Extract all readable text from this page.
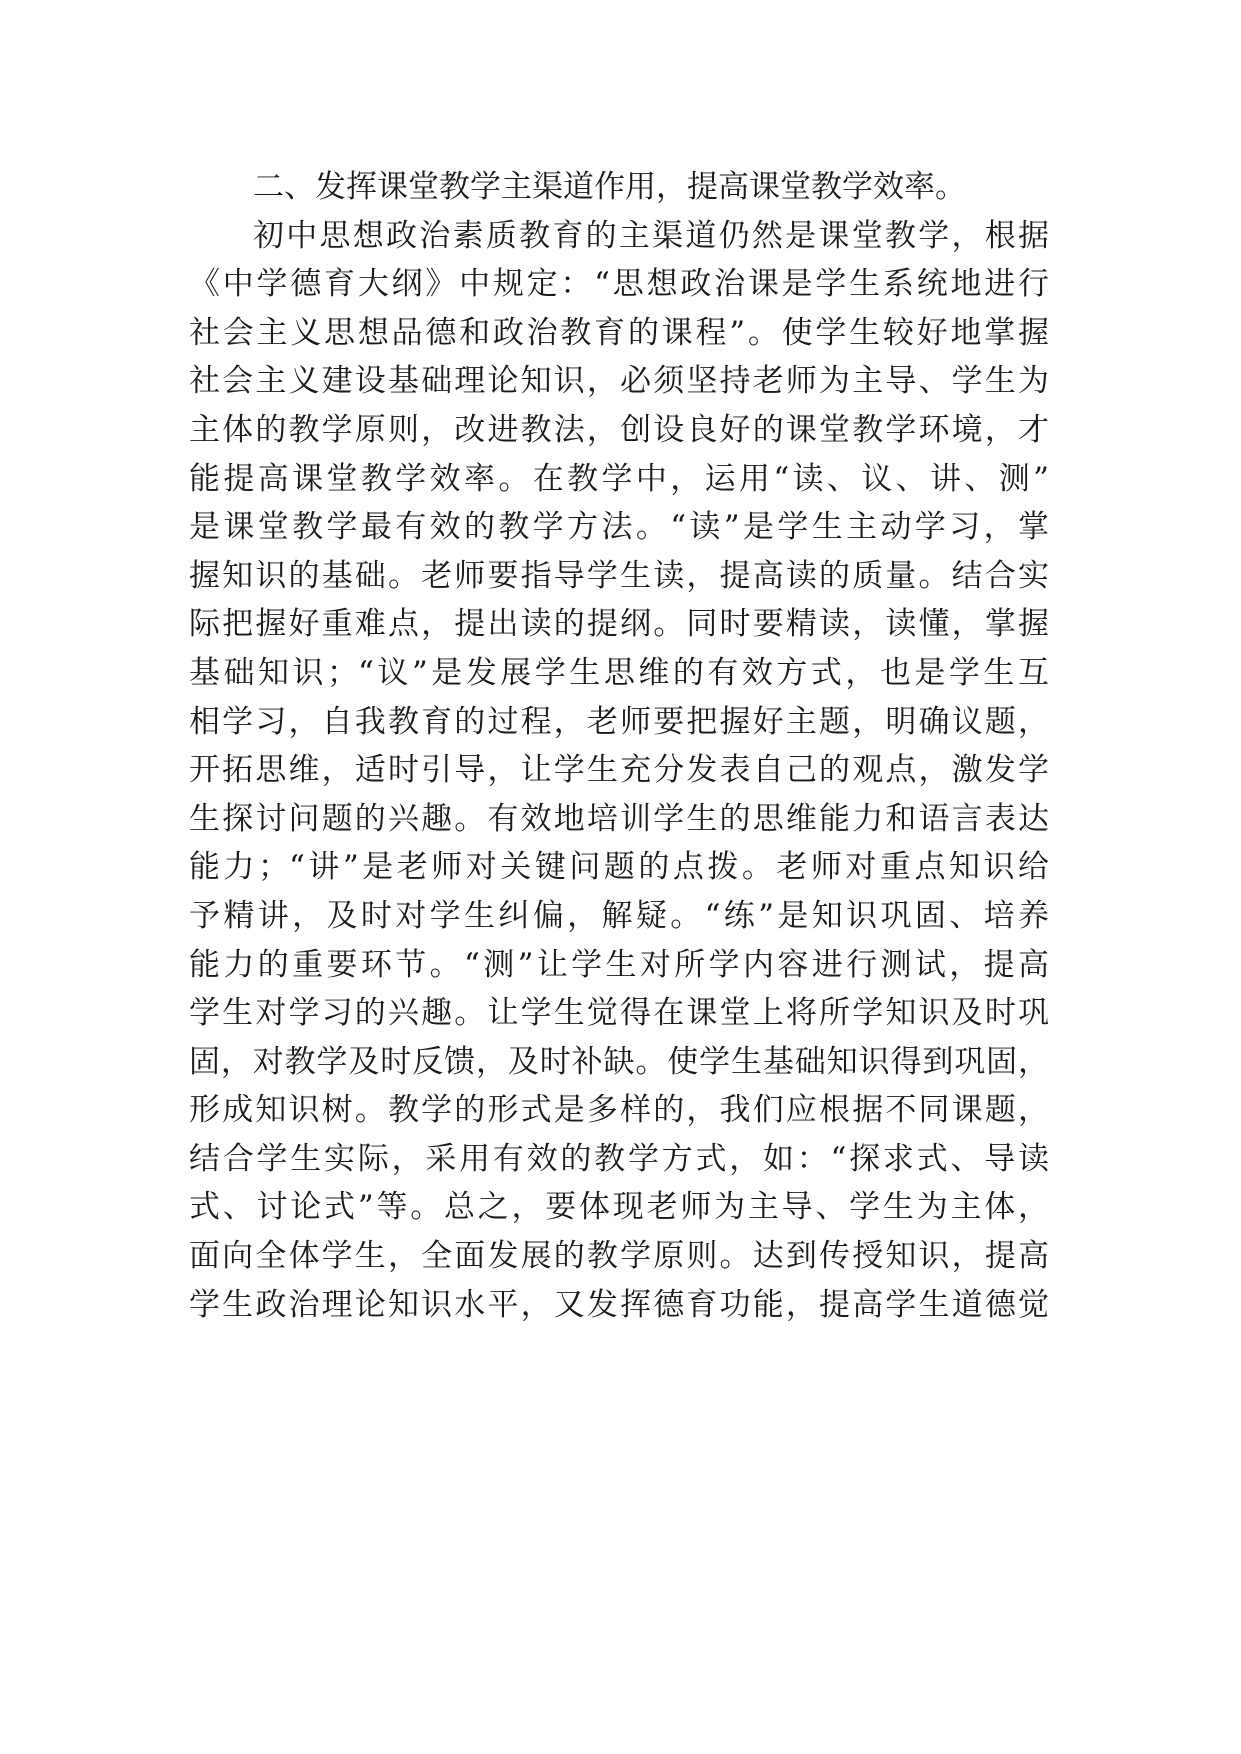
二、发挥课堂教学主渠道作用，提高课堂教学效率。

初中思想政治素质教育的主渠道仍然是课堂教学，根据

《中学德育大纲》中规定：“思想政治课是学生系统地进行

社会主义思想品德和政治教育的课程”。使学生较好地掌握

社会主义建设基础理论知识，必须坚持老师为主导、学生为

主体的教学原则，改进教法，创设良好的课堂教学环境，才

能提高课堂教学效率。在教学中，运用“读、议、讲、测”

是课堂教学最有效的教学方法。“读”是学生主动学习，掌

握知识的基础。老师要指导学生读，提高读的质量。结合实

际把握好重难点，提出读的提纲。同时要精读，读懂，掌握

基础知识；“议”是发展学生思维的有效方式，也是学生互

相学习，自我教育的过程，老师要把握好主题，明确议题，

开拓思维，适时引导，让学生充分发表自己的观点，激发学

生探讨问题的兴趣。有效地培训学生的思维能力和语言表达

能力；“讲”是老师对关键问题的点拨。老师对重点知识给

予精讲，及时对学生纠偏，解疑。“练”是知识巩固、培养

能力的重要环节。“测”让学生对所学内容进行测试，提高

学生对学习的兴趣。让学生觉得在课堂上将所学知识及时巩

固，对教学及时反馈，及时补缺。使学生基础知识得到巩固，

形成知识树。教学的形式是多样的，我们应根据不同课题，

结合学生实际，采用有效的教学方式，如：“探求式、导读

式、讨论式”等。总之，要体现老师为主导、学生为主体，

面向全体学生，全面发展的教学原则。达到传授知识，提高

学生政治理论知识水平，又发挥德育功能，提高学生道德觉
